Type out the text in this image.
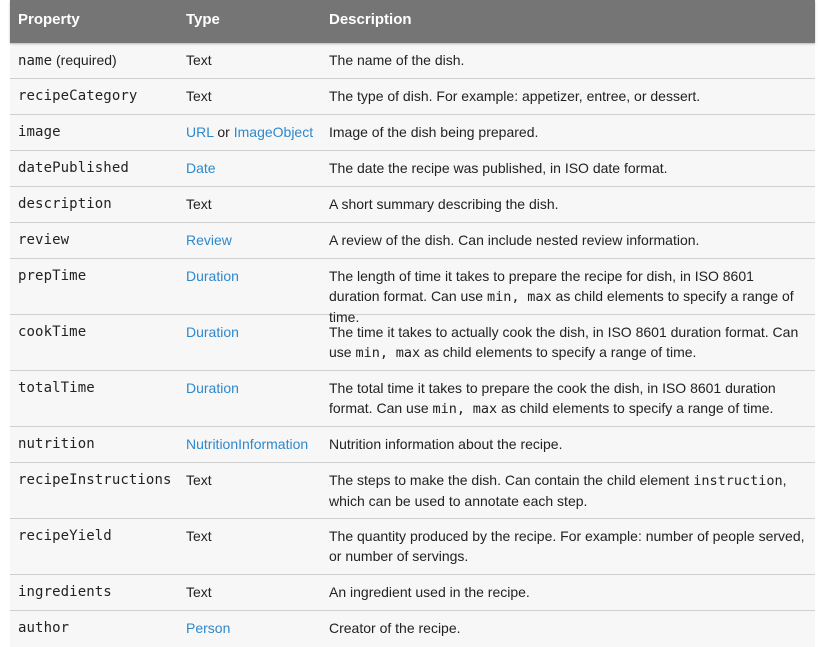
Property	Type	Description
name (required)	Text	The name of the dish.
recipeCategory	Text	The type of dish. For example: appetizer, entree, or dessert.
image	URL or ImageObject	Image of the dish being prepared.
datePublished	Date	The date the recipe was published, in ISO date format.
description	Text	A short summary describing the dish.
review	Review	A review of the dish. Can include nested review information.
prepTime	Duration	The length of time it takes to prepare the recipe for dish, in ISO 8601 duration format. Can use min, max as child elements to specify a range of time.
cookTime	Duration	The time it takes to actually cook the dish, in ISO 8601 duration format. Can use min, max as child elements to specify a range of time.
totalTime	Duration	The total time it takes to prepare the cook the dish, in ISO 8601 duration format. Can use min, max as child elements to specify a range of time.
nutrition	NutritionInformation	Nutrition information about the recipe.
recipeInstructions	Text	The steps to make the dish. Can contain the child element instruction, which can be used to annotate each step.
recipeYield	Text	The quantity produced by the recipe. For example: number of people served, or number of servings.
ingredients	Text	An ingredient used in the recipe.
author	Person	Creator of the recipe.
